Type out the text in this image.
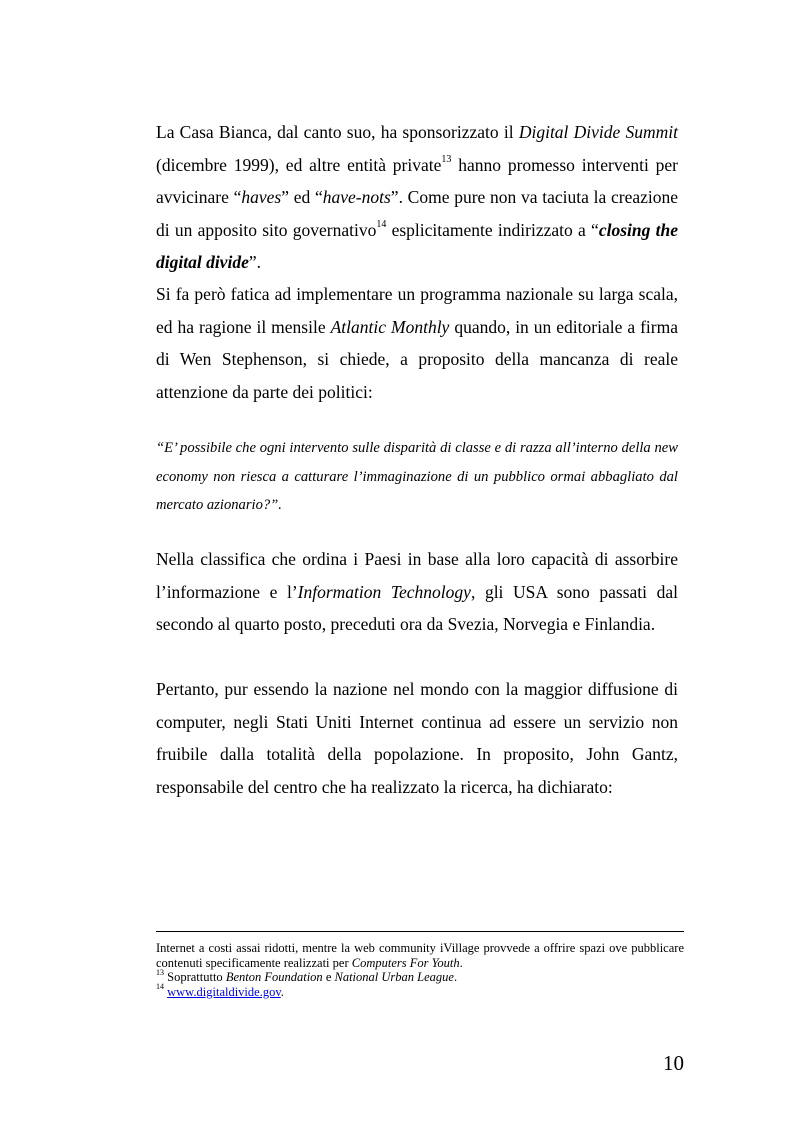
La Casa Bianca, dal canto suo, ha sponsorizzato il Digital Divide Summit (dicembre 1999), ed altre entità private$^{13}$ hanno promesso interventi per avvicinare “haves” ed “have-nots”. Come pure non va taciuta la creazione di un apposito sito governativo$^{14}$ esplicitamente indirizzato a “closing the digital divide”.

Si fa però fatica ad implementare un programma nazionale su larga scala, ed ha ragione il mensile Atlantic Monthly quando, in un editoriale a firma di Wen Stephenson, si chiede, a proposito della mancanza di reale attenzione da parte dei politici:

“E’ possibile che ogni intervento sulle disparità di classe e di razza all’interno della new economy non riesca a catturare l’immaginazione di un pubblico ormai abbagliato dal mercato azionario?”.

Nella classifica che ordina i Paesi in base alla loro capacità di assorbire l’informazione e l’Information Technology, gli USA sono passati dal secondo al quarto posto, preceduti ora da Svezia, Norvegia e Finlandia.

Pertanto, pur essendo la nazione nel mondo con la maggior diffusione di computer, negli Stati Uniti Internet continua ad essere un servizio non fruibile dalla totalità della popolazione. In proposito, John Gantz, responsabile del centro che ha realizzato la ricerca, ha dichiarato:

Internet a costi assai ridotti, mentre la web community iVillage provvede a offrire spazi ove pubblicare contenuti specificamente realizzati per Computers For Youth.

$^{13}$ Soprattutto Benton Foundation e National Urban League.

$^{14}$ www.digitaldivide.gov.

10
